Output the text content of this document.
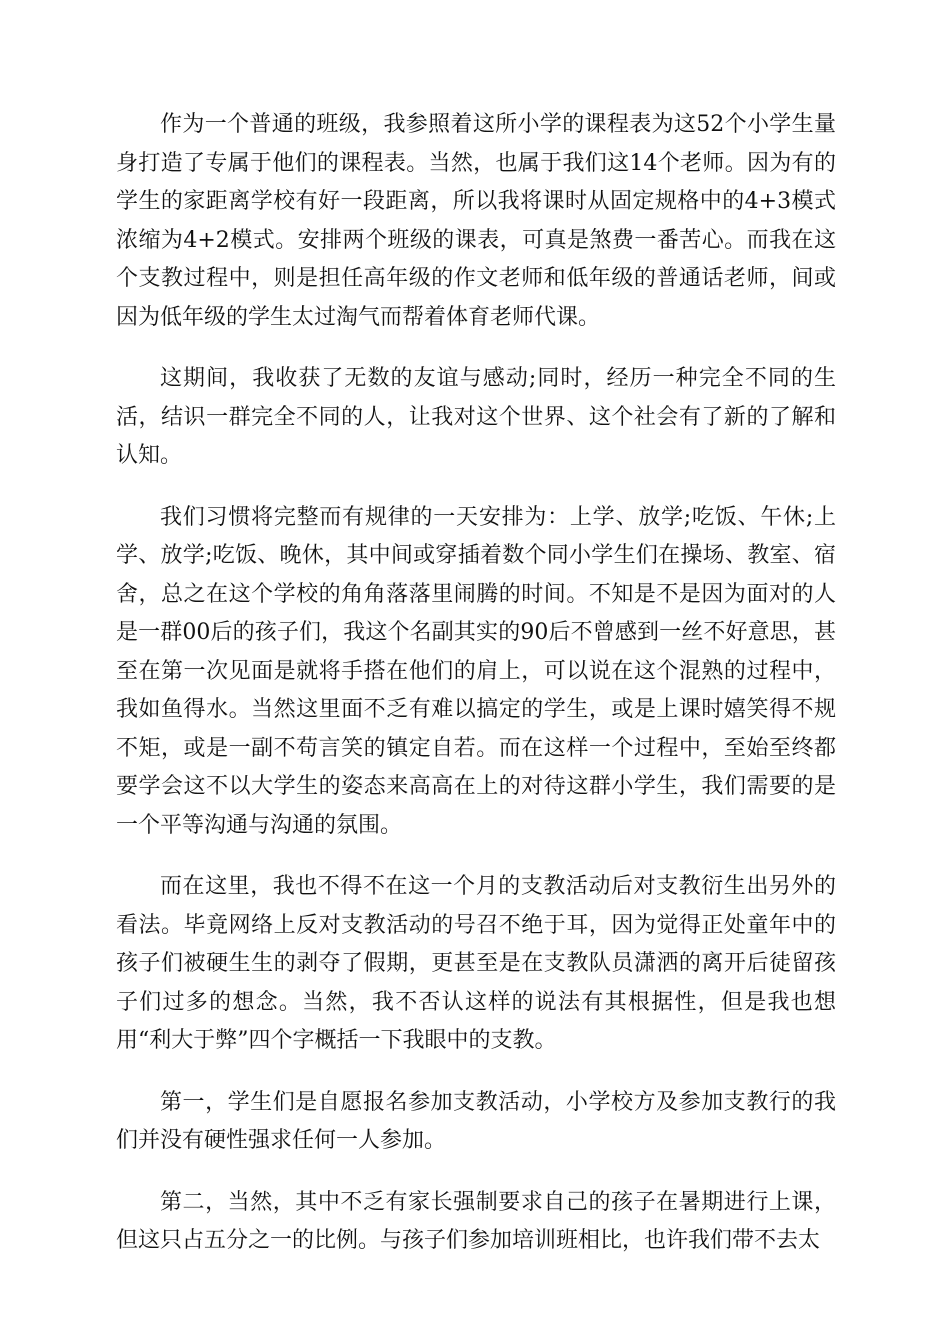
作为一个普通的班级，我参照着这所小学的课程表为这52个小学生量身打造了专属于他们的课程表。当然，也属于我们这14个老师。因为有的学生的家距离学校有好一段距离，所以我将课时从固定规格中的4+3模式浓缩为4+2模式。安排两个班级的课表，可真是煞费一番苦心。而我在这个支教过程中，则是担任高年级的作文老师和低年级的普通话老师，间或因为低年级的学生太过淘气而帮着体育老师代课。

这期间，我收获了无数的友谊与感动;同时，经历一种完全不同的生活，结识一群完全不同的人，让我对这个世界、这个社会有了新的了解和认知。

我们习惯将完整而有规律的一天安排为：上学、放学;吃饭、午休;上学、放学;吃饭、晚休，其中间或穿插着数个同小学生们在操场、教室、宿舍，总之在这个学校的角角落落里闹腾的时间。不知是不是因为面对的人是一群00后的孩子们，我这个名副其实的90后不曾感到一丝不好意思，甚至在第一次见面是就将手搭在他们的肩上，可以说在这个混熟的过程中，我如鱼得水。当然这里面不乏有难以搞定的学生，或是上课时嬉笑得不规不矩，或是一副不苟言笑的镇定自若。而在这样一个过程中，至始至终都要学会这不以大学生的姿态来高高在上的对待这群小学生，我们需要的是一个平等沟通与沟通的氛围。

而在这里，我也不得不在这一个月的支教活动后对支教衍生出另外的看法。毕竟网络上反对支教活动的号召不绝于耳，因为觉得正处童年中的孩子们被硬生生的剥夺了假期，更甚至是在支教队员潇洒的离开后徒留孩子们过多的想念。当然，我不否认这样的说法有其根据性，但是我也想用“利大于弊”四个字概括一下我眼中的支教。

第一，学生们是自愿报名参加支教活动，小学校方及参加支教行的我们并没有硬性强求任何一人参加。

第二，当然，其中不乏有家长强制要求自己的孩子在暑期进行上课，但这只占五分之一的比例。与孩子们参加培训班相比，也许我们带不去太
